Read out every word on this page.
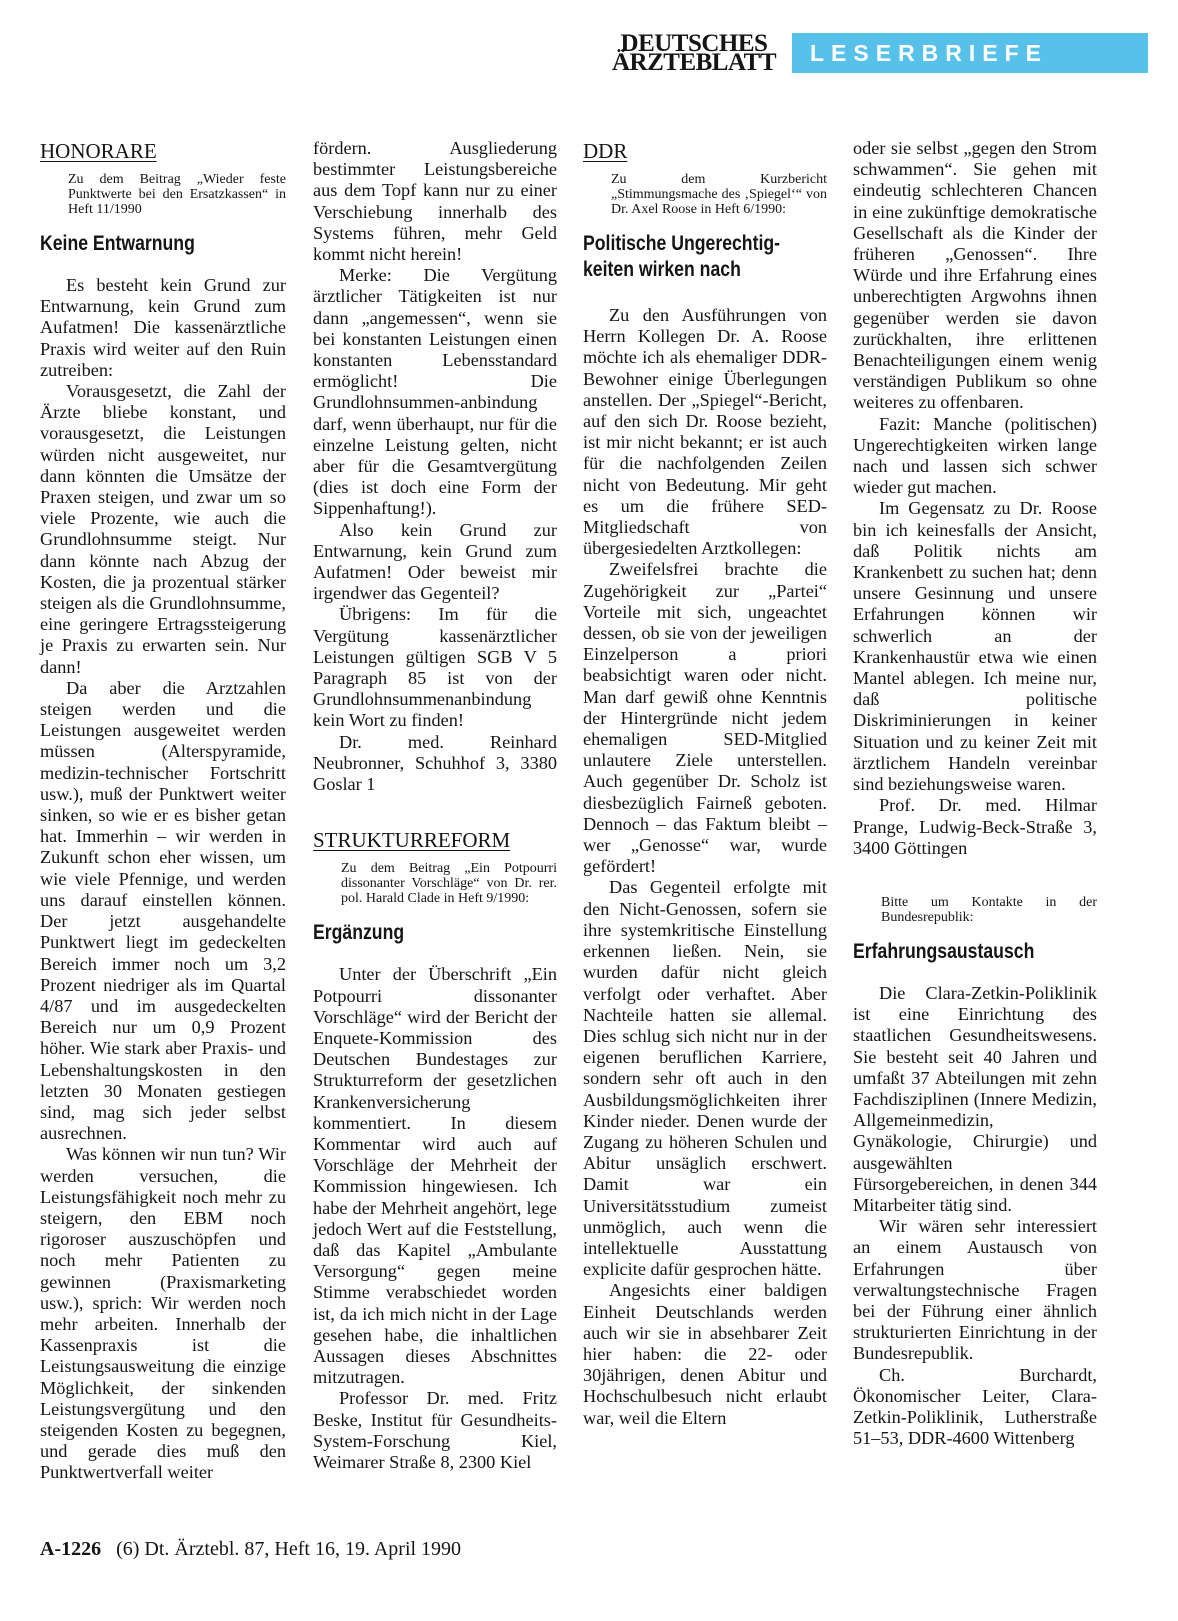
DEUTSCHES
ÄRZTEBLATT	LESERBRIEFE
HONORARE
Zu dem Beitrag „Wieder feste Punktwerte bei den Ersatzkassen“ in Heft 11/1990
Keine Entwarnung

Es besteht kein Grund zur Entwarnung, kein Grund zum Aufatmen! Die kassenärztliche Praxis wird weiter auf den Ruin zutreiben:

Vorausgesetzt, die Zahl der Ärzte bliebe konstant, und vorausgesetzt, die Leistungen würden nicht ausgeweitet, nur dann könnten die Umsätze der Praxen steigen, und zwar um so viele Prozente, wie auch die Grundlohnsumme steigt. Nur dann könnte nach Abzug der Kosten, die ja prozentual stärker steigen als die Grundlohnsumme, eine geringere Ertragssteigerung je Praxis zu erwarten sein. Nur dann!

Da aber die Arztzahlen steigen werden und die Leistungen ausgeweitet werden müssen (Alterspyramide, medizin-technischer Fortschritt usw.), muß der Punktwert weiter sinken, so wie er es bisher getan hat. Immerhin – wir werden in Zukunft schon eher wissen, um wie viele Pfennige, und werden uns darauf einstellen können. Der jetzt ausgehandelte Punktwert liegt im gedeckelten Bereich immer noch um 3,2 Prozent niedriger als im Quartal 4/87 und im ausgedeckelten Bereich nur um 0,9 Prozent höher. Wie stark aber Praxis- und Lebenshaltungskosten in den letzten 30 Monaten gestiegen sind, mag sich jeder selbst ausrechnen.

Was können wir nun tun? Wir werden versuchen, die Leistungsfähigkeit noch mehr zu steigern, den EBM noch rigoroser auszuschöpfen und noch mehr Patienten zu gewinnen (Praxismarketing usw.), sprich: Wir werden noch mehr arbeiten. Innerhalb der Kassenpraxis ist die Leistungsausweitung die einzige Möglichkeit, der sinkenden Leistungsvergütung und den steigenden Kosten zu begegnen, und gerade dies muß den Punktwertverfall weiter

fördern. Ausgliederung bestimmter Leistungsbereiche aus dem Topf kann nur zu einer Verschiebung innerhalb des Systems führen, mehr Geld kommt nicht herein!

Merke: Die Vergütung ärztlicher Tätigkeiten ist nur dann „angemessen“, wenn sie bei konstanten Leistungen einen konstanten Lebensstandard ermöglicht! Die Grundlohnsummen-anbindung darf, wenn überhaupt, nur für die einzelne Leistung gelten, nicht aber für die Gesamtvergütung (dies ist doch eine Form der Sippenhaftung!).

Also kein Grund zur Entwarnung, kein Grund zum Aufatmen! Oder beweist mir irgendwer das Gegenteil?

Übrigens: Im für die Vergütung kassenärztlicher Leistungen gültigen SGB V 5 Paragraph 85 ist von der Grundlohnsummenanbindung kein Wort zu finden!

Dr. med. Reinhard Neubronner, Schuhhof 3, 3380 Goslar 1

STRUKTURREFORM
Zu dem Beitrag „Ein Potpourri dissonanter Vorschläge“ von Dr. rer. pol. Harald Clade in Heft 9/1990:
Ergänzung

Unter der Überschrift „Ein Potpourri dissonanter Vorschläge“ wird der Bericht der Enquete-Kommission des Deutschen Bundestages zur Strukturreform der gesetzlichen Krankenversicherung kommentiert. In diesem Kommentar wird auch auf Vorschläge der Mehrheit der Kommission hingewiesen. Ich habe der Mehrheit angehört, lege jedoch Wert auf die Feststellung, daß das Kapitel „Ambulante Versorgung“ gegen meine Stimme verabschiedet worden ist, da ich mich nicht in der Lage gesehen habe, die inhaltlichen Aussagen dieses Abschnittes mitzutragen.

Professor Dr. med. Fritz Beske, Institut für Gesundheits-System-Forschung Kiel, Weimarer Straße 8, 2300 Kiel

DDR
Zu dem Kurzbericht „Stimmungsmache des ‚Spiegel‘“ von Dr. Axel Roose in Heft 6/1990:
Politische Ungerechtig-
keiten wirken nach

Zu den Ausführungen von Herrn Kollegen Dr. A. Roose möchte ich als ehemaliger DDR-Bewohner einige Überlegungen anstellen. Der „Spiegel“-Bericht, auf den sich Dr. Roose bezieht, ist mir nicht bekannt; er ist auch für die nachfolgenden Zeilen nicht von Bedeutung. Mir geht es um die frühere SED-Mitgliedschaft von übergesiedelten Arztkollegen:

Zweifelsfrei brachte die Zugehörigkeit zur „Partei“ Vorteile mit sich, ungeachtet dessen, ob sie von der jeweiligen Einzelperson a priori beabsichtigt waren oder nicht. Man darf gewiß ohne Kenntnis der Hintergründe nicht jedem ehemaligen SED-Mitglied unlautere Ziele unterstellen. Auch gegenüber Dr. Scholz ist diesbezüglich Fairneß geboten. Dennoch – das Faktum bleibt – wer „Genosse“ war, wurde gefördert!

Das Gegenteil erfolgte mit den Nicht-Genossen, sofern sie ihre systemkritische Einstellung erkennen ließen. Nein, sie wurden dafür nicht gleich verfolgt oder verhaftet. Aber Nachteile hatten sie allemal. Dies schlug sich nicht nur in der eigenen beruflichen Karriere, sondern sehr oft auch in den Ausbildungsmöglichkeiten ihrer Kinder nieder. Denen wurde der Zugang zu höheren Schulen und Abitur unsäglich erschwert. Damit war ein Universitätsstudium zumeist unmöglich, auch wenn die intellektuelle Ausstattung explicite dafür gesprochen hätte.

Angesichts einer baldigen Einheit Deutschlands werden auch wir sie in absehbarer Zeit hier haben: die 22- oder 30jährigen, denen Abitur und Hochschulbesuch nicht erlaubt war, weil die Eltern

oder sie selbst „gegen den Strom schwammen“. Sie gehen mit eindeutig schlechteren Chancen in eine zukünftige demokratische Gesellschaft als die Kinder der früheren „Genossen“. Ihre Würde und ihre Erfahrung eines unberechtigten Argwohns ihnen gegenüber werden sie davon zurückhalten, ihre erlittenen Benachteiligungen einem wenig verständigen Publikum so ohne weiteres zu offenbaren.

Fazit: Manche (politischen) Ungerechtigkeiten wirken lange nach und lassen sich schwer wieder gut machen.

Im Gegensatz zu Dr. Roose bin ich keinesfalls der Ansicht, daß Politik nichts am Krankenbett zu suchen hat; denn unsere Gesinnung und unsere Erfahrungen können wir schwerlich an der Krankenhaustür etwa wie einen Mantel ablegen. Ich meine nur, daß politische Diskriminierungen in keiner Situation und zu keiner Zeit mit ärztlichem Handeln vereinbar sind beziehungsweise waren.

Prof. Dr. med. Hilmar Prange, Ludwig-Beck-Straße 3, 3400 Göttingen

Bitte um Kontakte in der Bundesrepublik:
Erfahrungsaustausch

Die Clara-Zetkin-Poliklinik ist eine Einrichtung des staatlichen Gesundheitswesens. Sie besteht seit 40 Jahren und umfaßt 37 Abteilungen mit zehn Fachdisziplinen (Innere Medizin, Allgemeinmedizin, Gynäkologie, Chirurgie) und ausgewählten Fürsorgebereichen, in denen 344 Mitarbeiter tätig sind.

Wir wären sehr interessiert an einem Austausch von Erfahrungen über verwaltungstechnische Fragen bei der Führung einer ähnlich strukturierten Einrichtung in der Bundesrepublik.

Ch. Burchardt, Ökonomischer Leiter, Clara-Zetkin-Poliklinik, Lutherstraße 51–53, DDR-4600 Wittenberg

A-1226 (6) Dt. Ärztebl. 87, Heft 16, 19. April 1990
